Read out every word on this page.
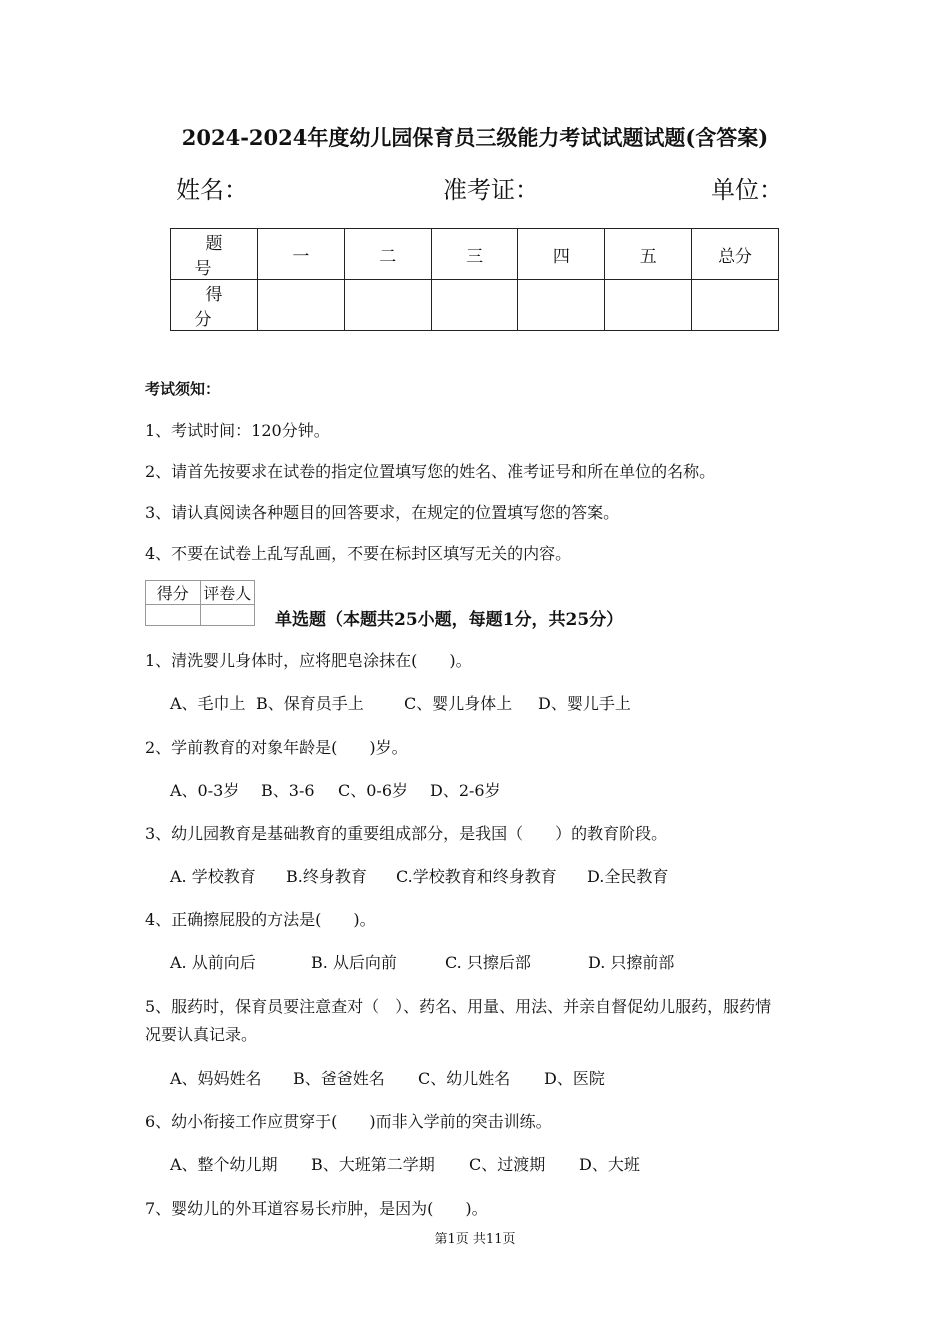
2024-2024年度幼儿园保育员三级能力考试试题试题(含答案)
姓名：	准考证：	单位：
题　号	一	二	三	四	五	总分
得　分						
考试须知：
1、考试时间：120分钟。
2、请首先按要求在试卷的指定位置填写您的姓名、准考证号和所在单位的名称。
3、请认真阅读各种题目的回答要求，在规定的位置填写您的答案。
4、不要在试卷上乱写乱画，不要在标封区填写无关的内容。
得分	评卷人

单选题（本题共25小题，每题1分，共25分）
1、清洗婴儿身体时，应将肥皂涂抹在(　　)。
A、毛巾上 B、保育员手上	C、婴儿身体上 D、婴儿手上
2、学前教育的对象年龄是(　　)岁。
A、0-3岁 B、3-6 C、0-6岁 D、2-6岁
3、幼儿园教育是基础教育的重要组成部分，是我国（　　）的教育阶段。
A. 学校教育 B.终身教育 C.学校教育和终身教育 D.全民教育
4、正确擦屁股的方法是(　　)。
A. 从前向后	B. 从后向前	C. 只擦后部	D. 只擦前部
5、服药时，保育员要注意查对（　）、药名、用量、用法、并亲自督促幼儿服药，服药情
况要认真记录。
A、妈妈姓名 B、爸爸姓名 C、幼儿姓名 D、医院
6、幼小衔接工作应贯穿于(　　)而非入学前的突击训练。
A、整个幼儿期 B、大班第二学期 C、过渡期 D、大班
7、婴幼儿的外耳道容易长疖肿，是因为(　　)。
第1页 共11页
